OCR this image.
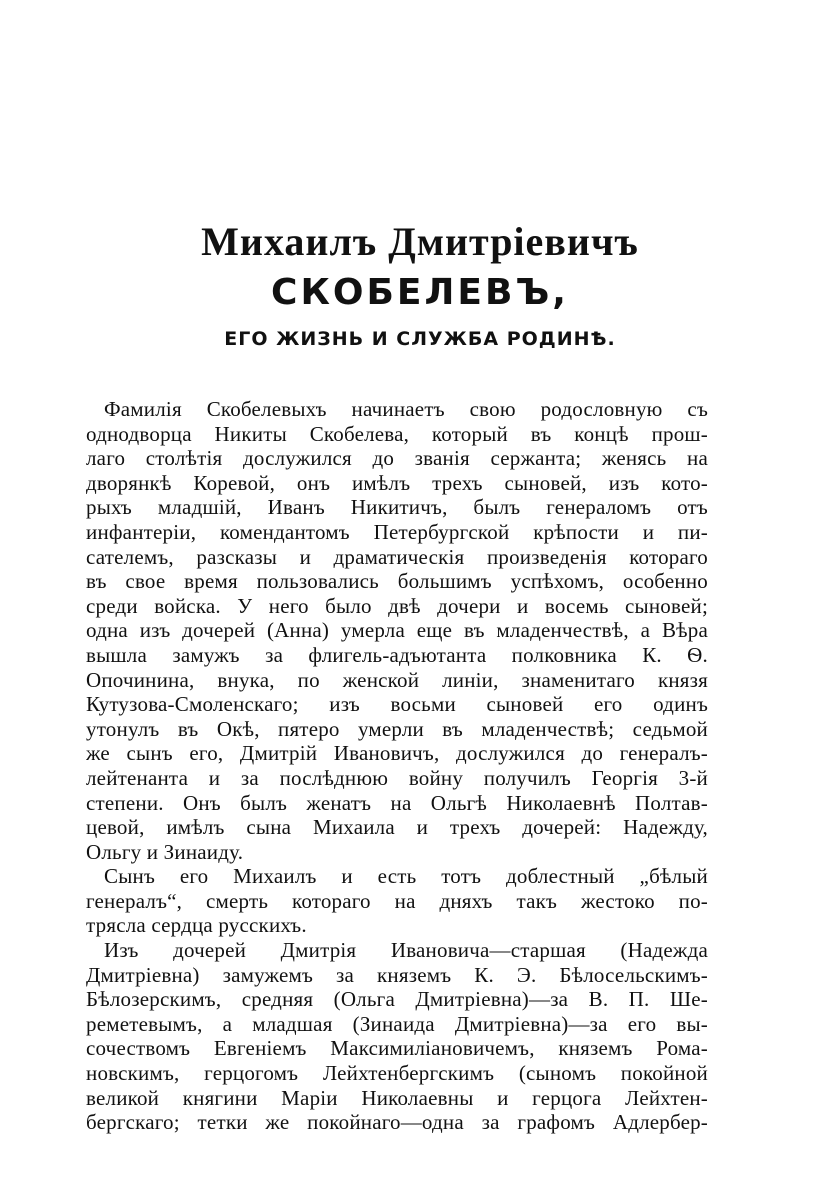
Михаилъ Дмитріевичъ
СКОБЕЛЕВЪ,
ЕГО ЖИЗНЬ И СЛУЖБА РОДИНѢ.
Фамилія Скобелевыхъ начинаетъ свою родословную съ
однодворца Никиты Скобелева, который въ концѣ прош-
лаго столѣтія дослужился до званія сержанта; женясь на
дворянкѣ Коревой, онъ имѣлъ трехъ сыновей, изъ кото-
рыхъ младшій, Иванъ Никитичъ, былъ генераломъ отъ
инфантеріи, комендантомъ Петербургской крѣпости и пи-
сателемъ, разсказы и драматическія произведенія котораго
въ свое время пользовались большимъ успѣхомъ, особенно
среди войска. У него было двѣ дочери и восемь сыновей;
одна изъ дочерей (Анна) умерла еще въ младенчествѣ, а Вѣра
вышла замужъ за флигель-адъютанта полковника К. Ѳ.
Опочинина, внука, по женской линіи, знаменитаго князя
Кутузова-Смоленскаго; изъ восьми сыновей его одинъ
утонулъ въ Окѣ, пятеро умерли въ младенчествѣ; седьмой
же сынъ его, Дмитрій Ивановичъ, дослужился до генералъ-
лейтенанта и за послѣднюю войну получилъ Георгія 3-й
степени. Онъ былъ женатъ на Ольгѣ Николаевнѣ Полтав-
цевой, имѣлъ сына Михаила и трехъ дочерей: Надежду,
Ольгу и Зинаиду.
Сынъ его Михаилъ и есть тотъ доблестный „бѣлый
генералъ“, смерть котораго на дняхъ такъ жестоко по-
трясла сердца русскихъ.
Изъ дочерей Дмитрія Ивановича—старшая (Надежда
Дмитріевна) замужемъ за княземъ К. Э. Бѣлосельскимъ-
Бѣлозерскимъ, средняя (Ольга Дмитріевна)—за В. П. Ше-
реметевымъ, а младшая (Зинаида Дмитріевна)—за его вы-
сочествомъ Евгеніемъ Максимиліановичемъ, княземъ Рома-
новскимъ, герцогомъ Лейхтенбергскимъ (сыномъ покойной
великой княгини Маріи Николаевны и герцога Лейхтен-
бергскаго; тетки же покойнаго—одна за графомъ Адлербер-
